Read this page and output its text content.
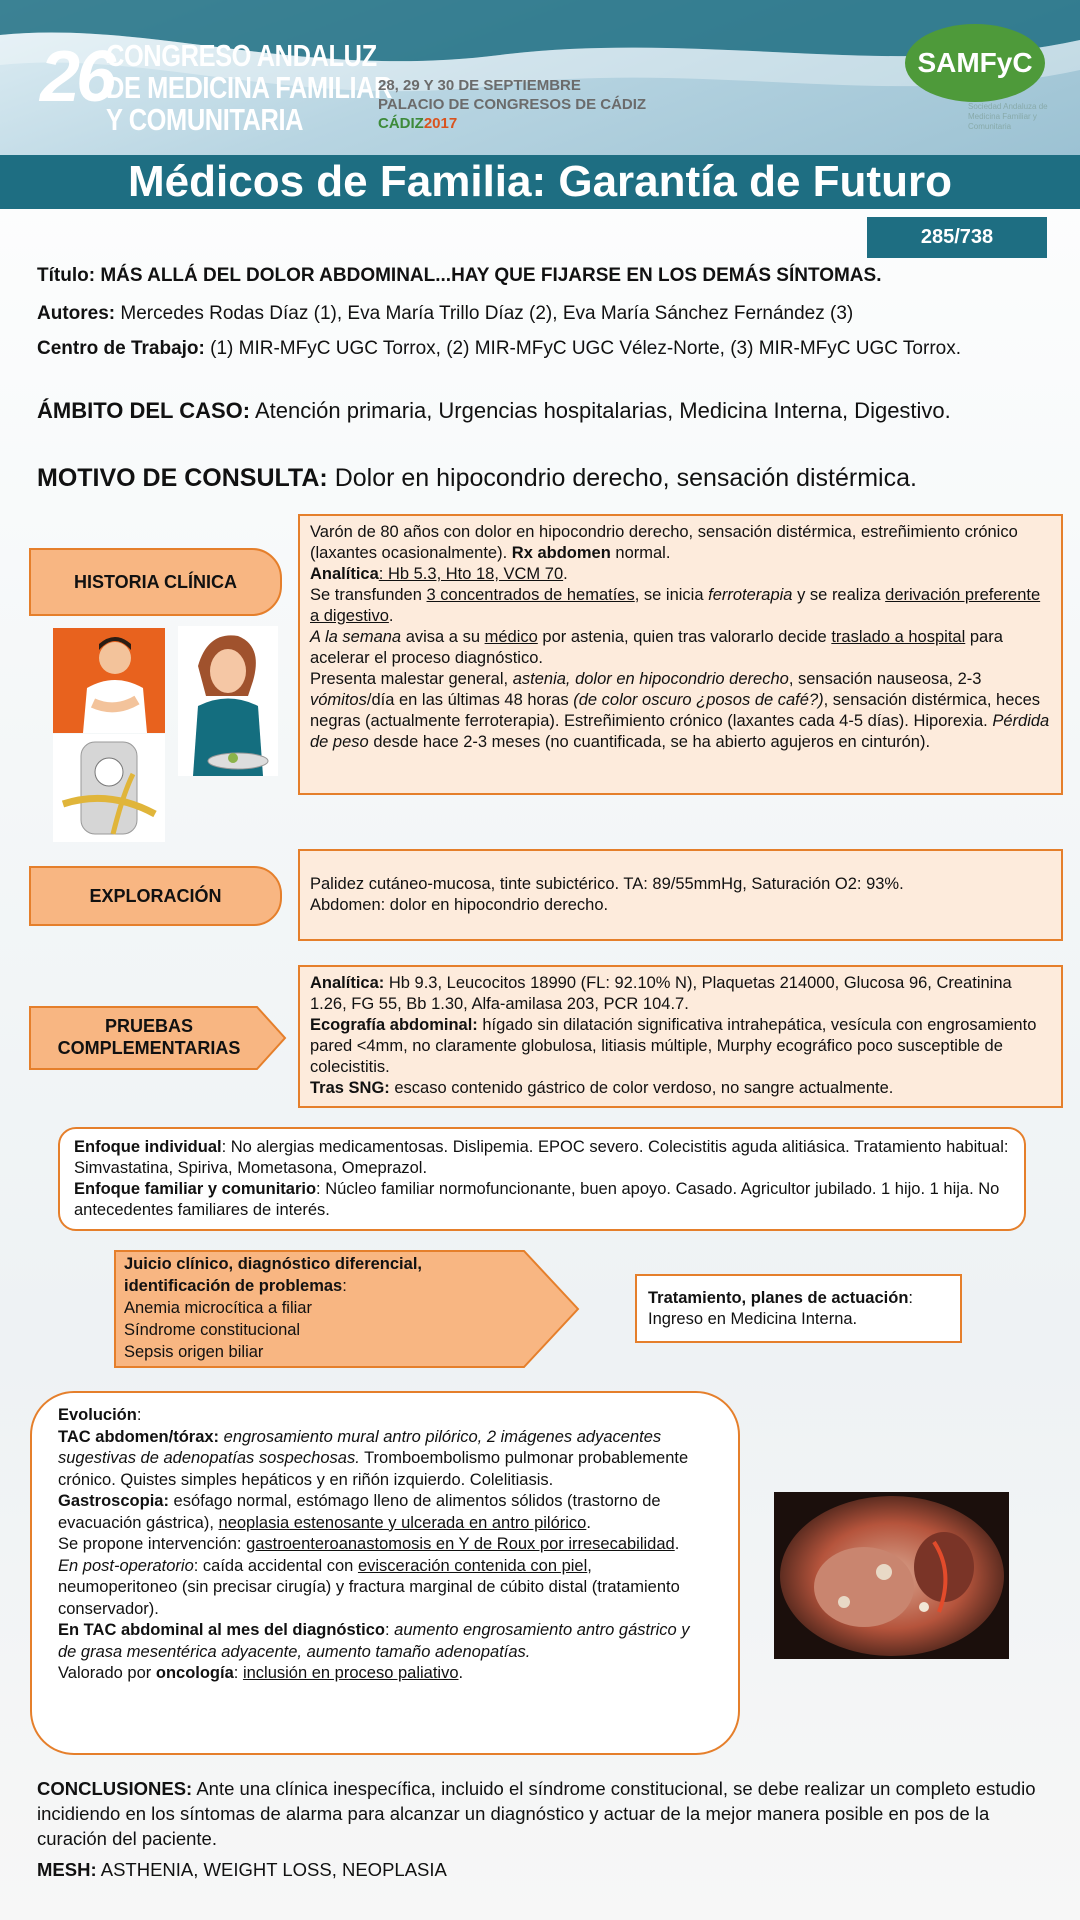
26
CONGRESO ANDALUZ
DE MEDICINA FAMILIAR
Y COMUNITARIA
28, 29 Y 30 DE SEPTIEMBRE
PALACIO DE CONGRESOS DE CÁDIZ
CÁDIZ2017
SAMFyC
Sociedad Andaluza de Medicina Familiar y Comunitaria
Médicos de Familia: Garantía de Futuro
285/738
Título: MÁS ALLÁ DEL DOLOR ABDOMINAL...HAY QUE FIJARSE EN LOS DEMÁS SÍNTOMAS.
Autores: Mercedes Rodas Díaz (1), Eva María Trillo Díaz (2), Eva María Sánchez Fernández (3)
Centro de Trabajo: (1) MIR-MFyC UGC Torrox, (2) MIR-MFyC UGC Vélez-Norte, (3) MIR-MFyC UGC Torrox.
ÁMBITO DEL CASO: Atención primaria, Urgencias hospitalarias, Medicina Interna, Digestivo.
MOTIVO DE CONSULTA: Dolor en hipocondrio derecho, sensación distérmica.
HISTORIA CLÍNICA
Varón de 80 años con dolor en hipocondrio derecho, sensación distérmica, estreñimiento crónico (laxantes ocasionalmente). Rx abdomen normal.
Analítica: Hb 5.3, Hto 18, VCM 70.
Se transfunden 3 concentrados de hematíes, se inicia ferroterapia y se realiza derivación preferente a digestivo.
A la semana avisa a su médico por astenia, quien tras valorarlo decide traslado a hospital para acelerar el proceso diagnóstico.
Presenta malestar general, astenia, dolor en hipocondrio derecho, sensación nauseosa, 2-3 vómitos/día en las últimas 48 horas (de color oscuro ¿posos de café?), sensación distérmica, heces negras (actualmente ferroterapia). Estreñimiento crónico (laxantes cada 4-5 días). Hiporexia. Pérdida de peso desde hace 2-3 meses (no cuantificada, se ha abierto agujeros en cinturón).
EXPLORACIÓN
Palidez cutáneo-mucosa, tinte subictérico. TA: 89/55mmHg, Saturación O2: 93%.
Abdomen: dolor en hipocondrio derecho.
PRUEBAS
COMPLEMENTARIAS
Analítica: Hb 9.3, Leucocitos 18990 (FL: 92.10% N), Plaquetas 214000, Glucosa 96, Creatinina 1.26, FG 55, Bb 1.30, Alfa-amilasa 203, PCR 104.7.
Ecografía abdominal: hígado sin dilatación significativa intrahepática, vesícula con engrosamiento pared <4mm, no claramente globulosa, litiasis múltiple, Murphy ecográfico poco susceptible de colecistitis.
Tras SNG: escaso contenido gástrico de color verdoso, no sangre actualmente.
Enfoque individual: No alergias medicamentosas. Dislipemia. EPOC severo. Colecistitis aguda alitiásica. Tratamiento habitual: Simvastatina, Spiriva, Mometasona, Omeprazol.
Enfoque familiar y comunitario: Núcleo familiar normofuncionante, buen apoyo. Casado. Agricultor jubilado. 1 hijo. 1 hija. No antecedentes familiares de interés.
Juicio clínico, diagnóstico diferencial, identificación de problemas:
Anemia microcítica a filiar
Síndrome constitucional
Sepsis origen biliar
Tratamiento, planes de actuación:
Ingreso en Medicina Interna.
Evolución:
TAC abdomen/tórax: engrosamiento mural antro pilórico, 2 imágenes adyacentes sugestivas de adenopatías sospechosas. Tromboembolismo pulmonar probablemente crónico. Quistes simples hepáticos y en riñón izquierdo. Colelitiasis.
Gastroscopia: esófago normal, estómago lleno de alimentos sólidos (trastorno de evacuación gástrica), neoplasia estenosante y ulcerada en antro pilórico.
Se propone intervención: gastroenteroanastomosis en Y de Roux por irresecabilidad.
En post-operatorio: caída accidental con evisceración contenida con piel, neumoperitoneo (sin precisar cirugía) y fractura marginal de cúbito distal (tratamiento conservador).
En TAC abdominal al mes del diagnóstico: aumento engrosamiento antro gástrico y de grasa mesentérica adyacente, aumento tamaño adenopatías.
Valorado por oncología: inclusión en proceso paliativo.
CONCLUSIONES: Ante una clínica inespecífica, incluido el síndrome constitucional, se debe realizar un completo estudio incidiendo en los síntomas de alarma para alcanzar un diagnóstico y actuar de la mejor manera posible en pos de la curación del paciente.
MESH: ASTHENIA, WEIGHT LOSS, NEOPLASIA
